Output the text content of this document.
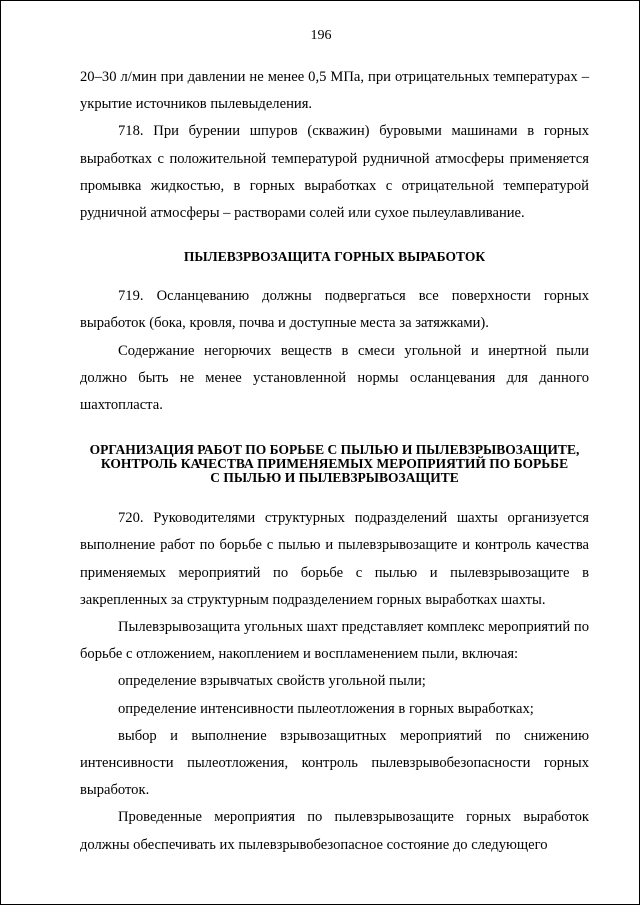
196

20–30 л/мин при давлении не менее 0,5 МПа, при отрицательных температурах – укрытие источников пылевыделения.

718. При бурении шпуров (скважин) буровыми машинами в горных выработках с положительной температурой рудничной атмосферы применяется промывка жидкостью, в горных выработках с отрицательной температурой рудничной атмосферы – растворами солей или сухое пылеулавливание.

ПЫЛЕВЗРВОЗАЩИТА ГОРНЫХ ВЫРАБОТОК

719. Осланцеванию должны подвергаться все поверхности горных выработок (бока, кровля, почва и доступные места за затяжками).

Содержание негорючих веществ в смеси угольной и инертной пыли должно быть не менее установленной нормы осланцевания для данного шахтопласта.

ОРГАНИЗАЦИЯ РАБОТ ПО БОРЬБЕ С ПЫЛЬЮ И ПЫЛЕВЗРЫВОЗАЩИТЕ,
КОНТРОЛЬ КАЧЕСТВА ПРИМЕНЯЕМЫХ МЕРОПРИЯТИЙ ПО БОРЬБЕ
С ПЫЛЬЮ И ПЫЛЕВЗРЫВОЗАЩИТЕ

720. Руководителями структурных подразделений шахты организуется выполнение работ по борьбе с пылью и пылевзрывозащите и контроль качества применяемых мероприятий по борьбе с пылью и пылевзрывозащите в закрепленных за структурным подразделением горных выработках шахты.

Пылевзрывозащита угольных шахт представляет комплекс мероприятий по борьбе с отложением, накоплением и воспламенением пыли, включая:

определение взрывчатых свойств угольной пыли;

определение интенсивности пылеотложения в горных выработках;

выбор и выполнение взрывозащитных мероприятий по снижению интенсивности пылеотложения, контроль пылевзрывобезопасности горных выработок.

Проведенные мероприятия по пылевзрывозащите горных выработок должны обеспечивать их пылевзрывобезопасное состояние до следующего
